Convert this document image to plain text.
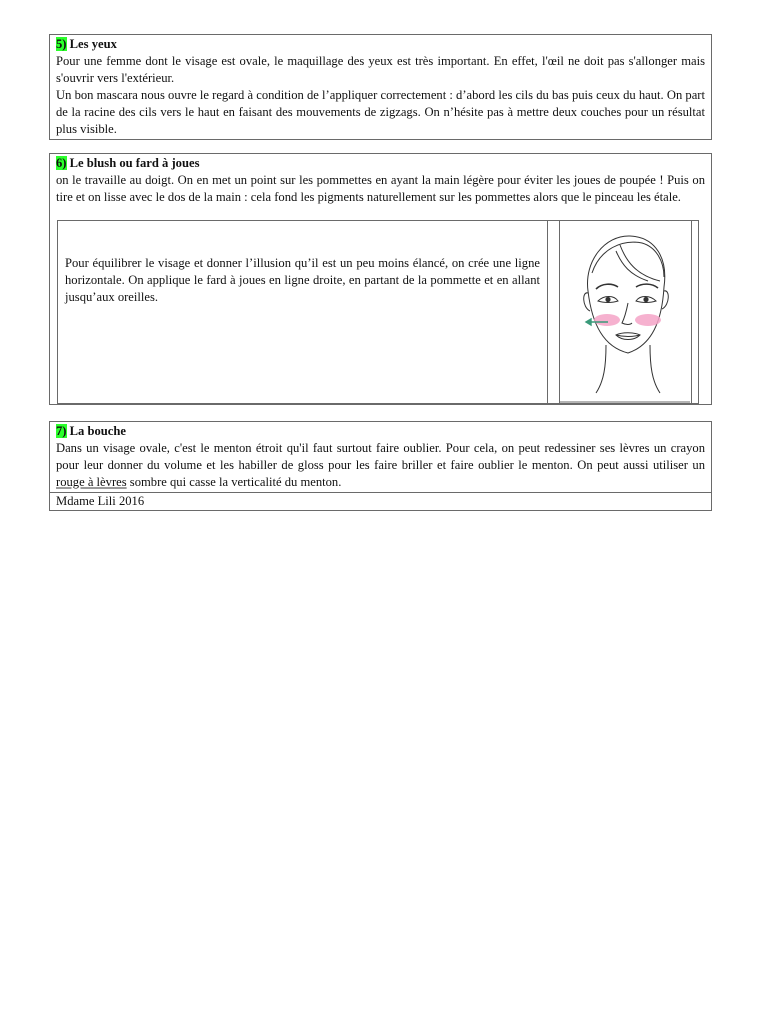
5) Les yeux

Pour une femme dont le visage est ovale, le maquillage des yeux est très important. En effet, l'œil ne doit pas s'allonger mais s'ouvrir vers l'extérieur.

Un bon mascara nous ouvre le regard à condition de l’appliquer correctement : d’abord les cils du bas puis ceux du haut. On part de la racine des cils vers le haut en faisant des mouvements de zigzags. On n’hésite pas à mettre deux couches pour un résultat plus visible.

6) Le blush ou fard à joues

on le travaille au doigt. On en met un point sur les pommettes en ayant la main légère pour éviter les joues de poupée ! Puis on tire et on lisse avec le dos de la main : cela fond les pigments naturellement sur les pommettes alors que le pinceau les étale.

Pour équilibrer le visage et donner l’illusion qu’il est un peu moins élancé, on crée une ligne horizontale. On applique le fard à joues en ligne droite, en partant de la pommette et en allant jusqu’aux oreilles.
7) La bouche

Dans un visage ovale, c'est le menton étroit qu'il faut surtout faire oublier. Pour cela, on peut redessiner ses lèvres un crayon pour leur donner du volume et les habiller de gloss pour les faire briller et faire oublier le menton. On peut aussi utiliser un rouge à lèvres sombre qui casse la verticalité du menton.

Mdame Lili 2016
